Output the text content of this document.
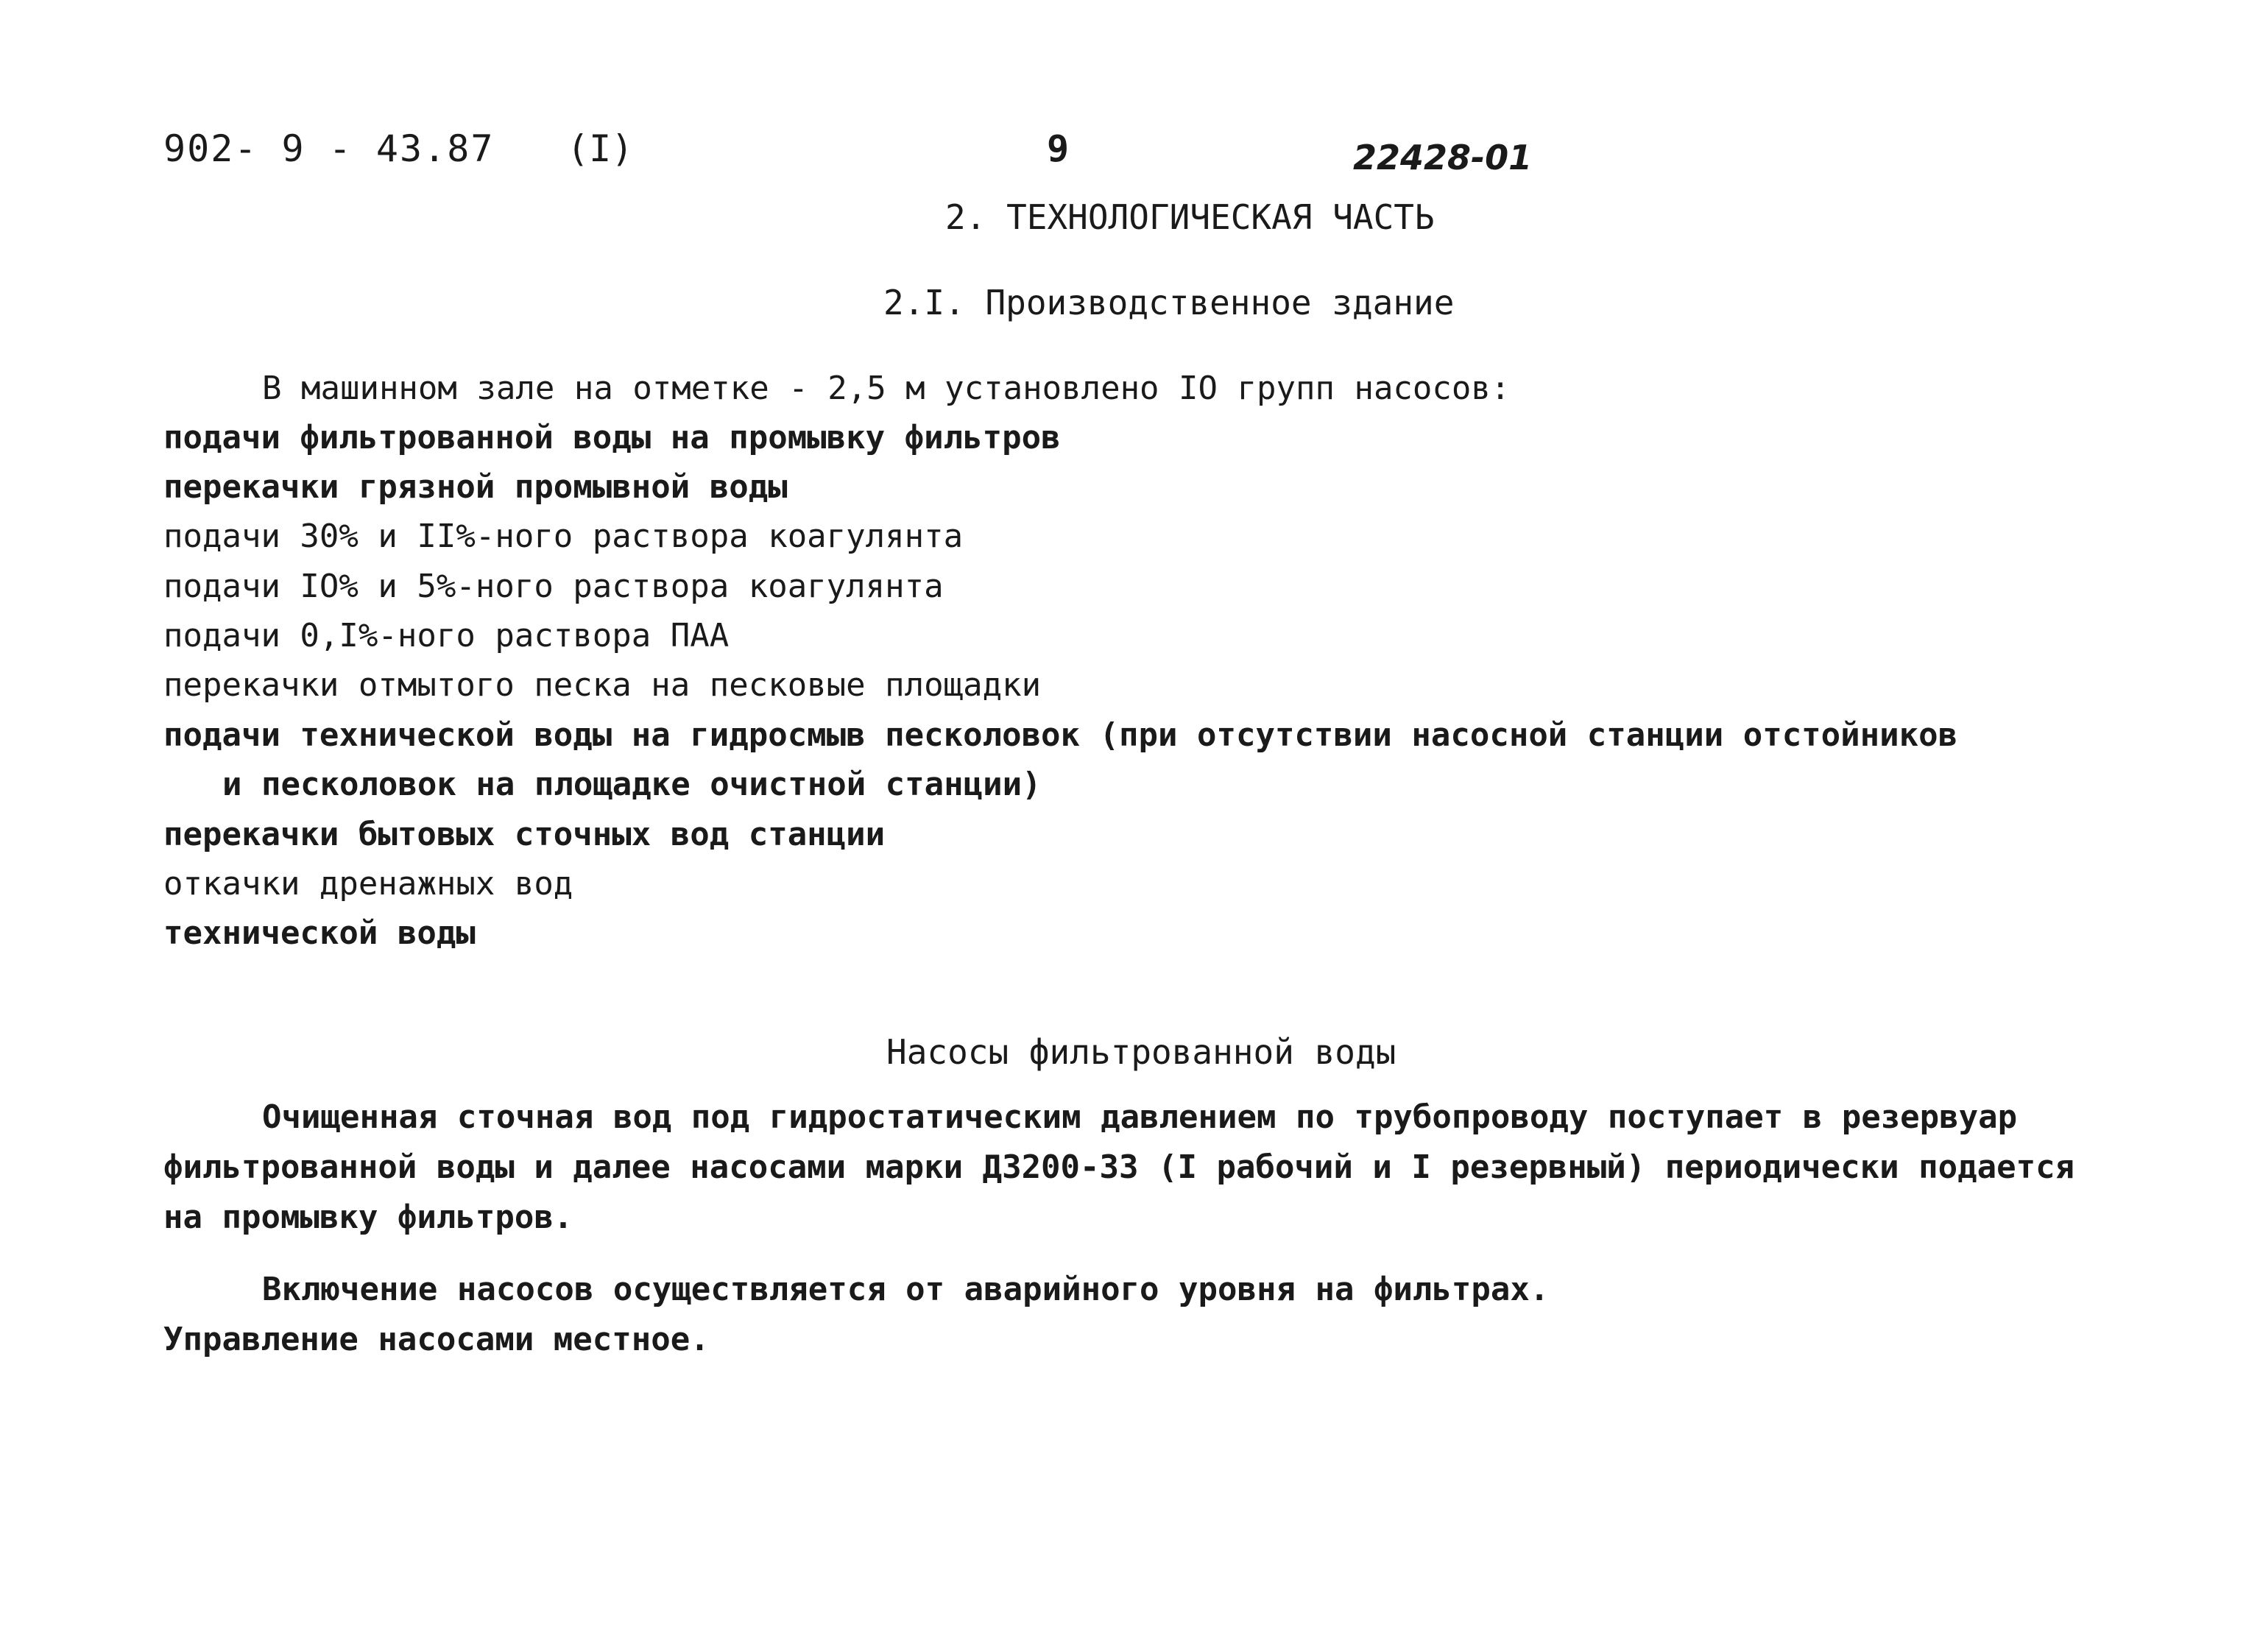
902- 9 - 43.87 (I)	9	22428-01
2. ТЕХНОЛОГИЧЕСКАЯ ЧАСТЬ
2.I. Производственное здание
В машинном зале на отметке - 2,5 м установлено IO групп насосов:
подачи фильтрованной воды на промывку фильтров
перекачки грязной промывной воды
подачи 30% и II%-ного раствора коагулянта
подачи IO% и 5%-ного раствора коагулянта
подачи 0,I%-ного раствора ПАА
перекачки отмытого песка на песковые площадки
подачи технической воды на гидросмыв песколовок (при отсутствии насосной станции отстойников
и песколовок на площадке очистной станции)
перекачки бытовых сточных вод станции
откачки дренажных вод
технической воды
Насосы фильтрованной воды
Очищенная сточная вод под гидростатическим давлением по трубопроводу поступает в резервуар
фильтрованной воды и далее насосами марки Д3200-33 (I рабочий и I резервный) периодически подается
на промывку фильтров.
Включение насосов осуществляется от аварийного уровня на фильтрах.
Управление насосами местное.
